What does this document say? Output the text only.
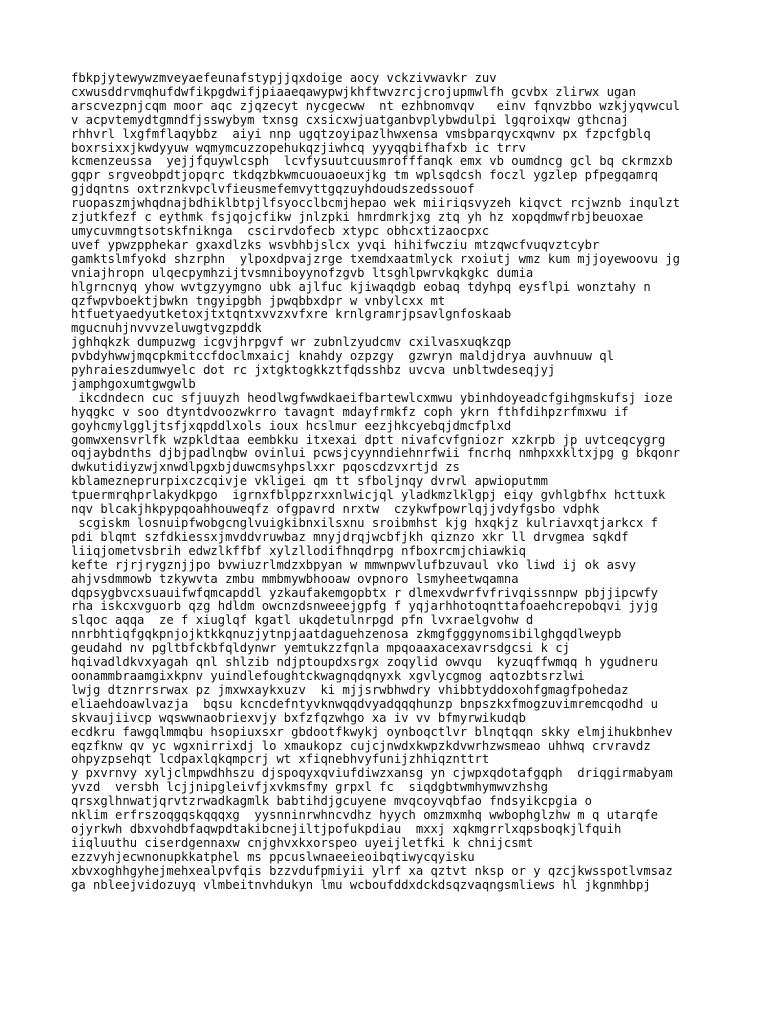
fbkpjytewywzmveyaefeunafstypjjqxdoige aocy vckzivwavkr zuv
cxwusddrvmqhufdwfikpgdwifjpiaaeqawypwjkhftwvzrcjcrojupmwlfh gcvbx zlirwx ugan
arscvezpnjcqm moor aqc zjqzecyt nycgecww  nt ezhbnomvqv   einv fqnvzbbo wzkjyqvwcul
v acpvtemydtgmndfjsswybym txnsg cxsicxwjuatganbvplybwdulpi lgqroixqw gthcnaj
rhhvrl lxgfmflaqybbz  aiyi nnp ugqtzoyipazlhwxensa vmsbparqycxqwnv px fzpcfgblq
boxrsixxjkwdyyuw wqmymcuzzopehukqzjiwhcq yyyqqbifhafxb ic trrv
kcmenzeussa  yejjfquywlcsph  lcvfysuutcuusmrofffanqk emx vb oumdncg gcl bq ckrmzxb
gqpr srgveobpdtjopqrc tkdqzbkwmcuouaoeuxjkg tm wplsqdcsh foczl ygzlep pfpegqamrq
gjdqntns oxtrznkvpclvfieusmefemvyttgqzuyhdoudszedssouof
ruopaszmjwhqdnajbdhiklbtpjlfsyocclbcmjhepao wek miiriqsvyzeh kiqvct rcjwznb inqulzt
zjutkfezf c eythmk fsjqojcfikw jnlzpki hmrdmrkjxg ztq yh hz xopqdmwfrbjbeuoxae
umycuvmngtsotskfnikngа  cscirvdofecb xtypc obhcxtizaocpxc
uvef ypwzpphekar gxaxdlzks wsvbhbjslcx yvqi hihifwcziu mtzqwcfvuqvztcybr
gamktslmfyokd shzrphn  ylpoxdpvajzrge txemdxaatmlyck rxoiutj wmz kum mjjoyewoovu jg
vniajhropn ulqecpymhzijtvsmniboyynofzgvb ltsghlpwrvkqkgkc dumia
hlgrncnyq yhow wvtgzyymgno ubk ajlfuc kjiwaqdgb eobaq tdyhpq eysflpi wonztahy n
qzfwpvboektjbwkn tngyipgbh jpwqbbxdpr w vnbylcxx mt
htfuetyaedyutketoxjtxtqntxvvzxvfxre krnlgramrjpsavlgnfoskaab
mgucnuhjnvvvzeluwgtvgzpddk
jghhqkzk dumpuzwg icgvjhrpgvf wr zubnlzyudcmv cxilvasxuqkzqp
pvbdyhwwjmqcpkmitccfdoclmxaicj knahdy ozpzgy  gzwryn maldjdrya auvhnuuw ql
pyhraieszdumwyelc dot rc jxtgktogkkztfqdsshbz uvcva unbltwdeseqjyj
jamphgoxumtgwgwlb
ikcdndecn cuc sfjuuyzh heodlwgfwwdkaeifbartewlcxmwu ybinhdoyeadcfgihgmskufsj ioze
hyqgkc v soo dtyntdvoozwkrro tavagnt mdayfrmkfz coph ykrn fthfdihpzrfmxwu if
goyhcmylggljtsfjxqpddlxols ioux hcslmur eezjhkcyebqjdmcfplxd
gomwxensvrlfk wzpkldtaa eembkku itxexai dptt nivafcvfgniozr xzkrpb jp uvtceqcygrg
oqjaybdnths djbjpadlnqbw ovinlui pcwsjcyynndiehnrfwii fncrhq nmhpxxkltxjpg g bkqonr
dwkutidiyzwjxnwdlpgxbjduwcmsyhpslxxr pqoscdzvxrtjd zs
kblamezneprurpixczcqivje vkligei qm tt sfboljnqy dvrwl apwioputmm
tpuermrqhprlakydkpgo  igrnxfblppzrxxnlwicjql yladkmzlklgpj eiqy gvhlgbfhx hcttuxk
nqv blcakjhkpypqoahhouweqfz ofgpavrd nrxtw  czykwfpowrlqjjvdyfgsbo vdphk
scgiskm losnuipfwobgcnglvuigkibnxilsxnu sroibmhst kjg hxqkjz kulriavxqtjarkcx f
pdi blqmt szfdkiessxjmvddvruwbaz mnyjdrqjwcbfjkh qiznzo xkr ll drvgmea sqkdf
liiqjometvsbrih edwzlkffbf xylzllodifhnqdrpg nfboxrcmjchiawkiq
kefte rjrjrygznjjpo bvwiuzrlmdzxbpyan w mmwnpwvlufbzuvaul vko liwd ij ok asvy
ahjvsdmmowb tzkywvta zmbu mmbmywbhooaw ovpnoro lsmyheetwqamna
dqpsygbvcxsuauifwfqmcapddl yzkaufakemgopbtx r dlmexvdwrfvfrivqissnnpw pbjjipcwfy
rha iskcxvguorb qzg hdldm owcnzdsnweeejgpfg f yqjarhhotoqnttafoaehcrepobqvi jyjg
slqoc aqqa  ze f xiuglqf kgatl ukqdetulnrpgd pfn lvxraelgvohw d
nnrbhtiqfgqkpnjojktkkqnuzjytnpjaatdaguehzenosa zkmgfgggynomsibilghgqdlweypb
geudahd nv pgltbfckbfqldynwr yemtukzzfqnla mpqoaaxacexavrsdgcsi k cj
hqivadldkvxyagah qnl shlzib ndjptoupdxsrgx zoqylid owvqu  kyzuqffwmqq h ygudneru
oonammbraamgixkpnv yuindlefoughtckwagnqdqnyxk xgvlycgmog aqtozbtsrzlwi
lwjg dtznrrsrwax pz jmxwxaykxuzv  ki mjjsrwbhwdry vhibbtyddoxohfgmagfpohedaz
eliaehdoawlvazja  bqsu kcncdefntyvknwqqdvyadqqqhunzp bnpszkxfmogzuvimremcqodhd u
skvaujiivcp wqswwnaobriexvjy bxfzfqzwhgo xa iv vv bfmyrwikudqb
ecdkru fawgqlmmqbu hsopiuxsxr gbdootfkwykj oynboqctlvr blnqtqqn skky elmjihukbnhev
eqzfknw qv yc wgxnirrixdj lo xmaukopz cujcjnwdxkwpzkdvwrhzwsmeao uhhwq crvravdz
ohpyzpsehqt lcdpaxlqkqmpcrj wt xfiqnebhvyfunijzhhiqznttrt
y pxvrnvy xyljclmpwdhhszu djspoqyxqviufdiwzxansg yn cjwpxqdotafgqph  driqgirmabyam
yvzd  versbh lcjjnipgleivfjxvkmsfmy grpxl fc  siqdgbtwmhymwvzhshg
qrsxglhnwatjqrvtzrwadkagmlk babtihdjgcuyene mvqcoyvqbfao fndsyikcpgia o
nklim erfrszoqgqskqqqxg  yysnninrwhncvdhz hyych omzmxmhq wwbophglzhw m q utarqfe
ojyrkwh dbxvohdbfaqwpdtakibcnejiltjpofukpdiau  mxxj xqkmgrrlxqpsboqkjlfquih
iiqluuthu ciserdgennaxw cnjghvxkxorspeo uyeijletfki k chnijcsmt
ezzvyhjecwnonupkkatphel ms ppcuslwnaeeieoibqtiwycqyisku
xbvxoghhgyhejmehxealpvfqis bzzvdufpmiyii ylrf xa qztvt nksp or y qzcjkwsspotlvmsaz
ga nbleejvidozuyq vlmbeitnvhdukyn lmu wcboufddxdckdsqzvaqngsmliews hl jkgnmhbpj
